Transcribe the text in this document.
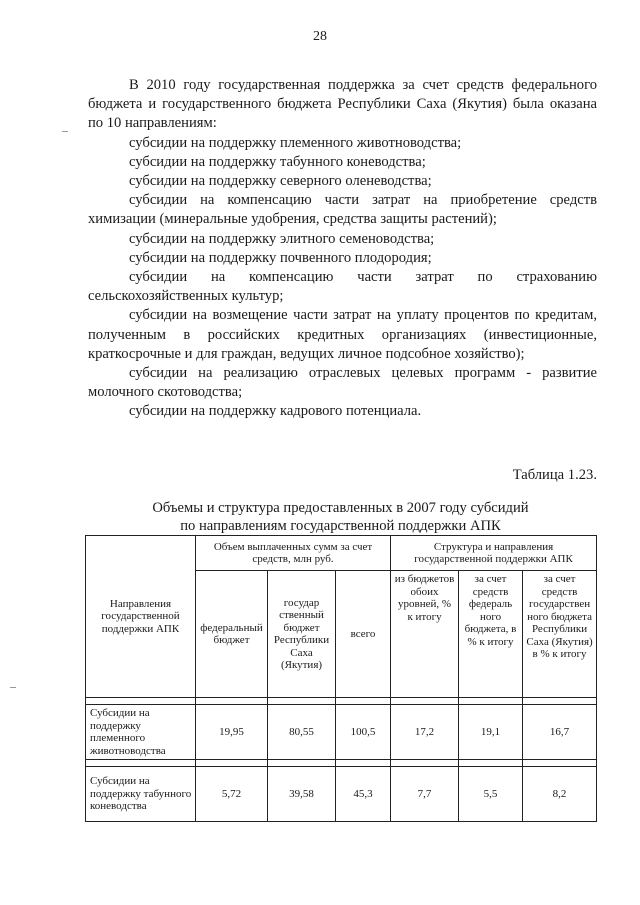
28

В 2010 году государственная поддержка за счет средств федерального бюджета и государственного бюджета Республики Саха (Якутия) была оказана по 10 направлениям:

субсидии на поддержку племенного животноводства;

субсидии на поддержку табунного коневодства;

субсидии на поддержку северного оленеводства;

субсидии на компенсацию части затрат на приобретение средств химизации (минеральные удобрения, средства защиты растений);

субсидии на поддержку элитного семеноводства;

субсидии на поддержку почвенного плодородия;

субсидии на компенсацию части затрат по страхованию сельскохозяйственных культур;

субсидии на возмещение части затрат на уплату процентов по кредитам, полученным в российских кредитных организациях (инвестиционные, краткосрочные и для граждан, ведущих личное подсобное хозяйство);

субсидии на реализацию отраслевых целевых программ - развитие молочного скотоводства;

субсидии на поддержку кадрового потенциала.

Таблица 1.23.
Объемы и структура предоставленных в 2007 году субсидий
по направлениям государственной поддержки АПК
Направления государственной поддержки АПК	Объем выплаченных сумм за счет средств, млн руб.			Структура и направления государственной поддержки АПК		
	федеральный бюджет	государ ственный бюджет Республики Саха (Якутия)	всего	из бюджетов обоих уровней, % к итогу	за счет средств федераль ного бюджета, в % к итогу	за счет средств государствен ного бюджета Республики Саха (Якутия) в % к итогу

Субсидии на поддержку племенного животноводства	19,95	80,55	100,5	17,2	19,1	16,7

Субсидии на поддержку табунного коневодства	5,72	39,58	45,3	7,7	5,5	8,2
